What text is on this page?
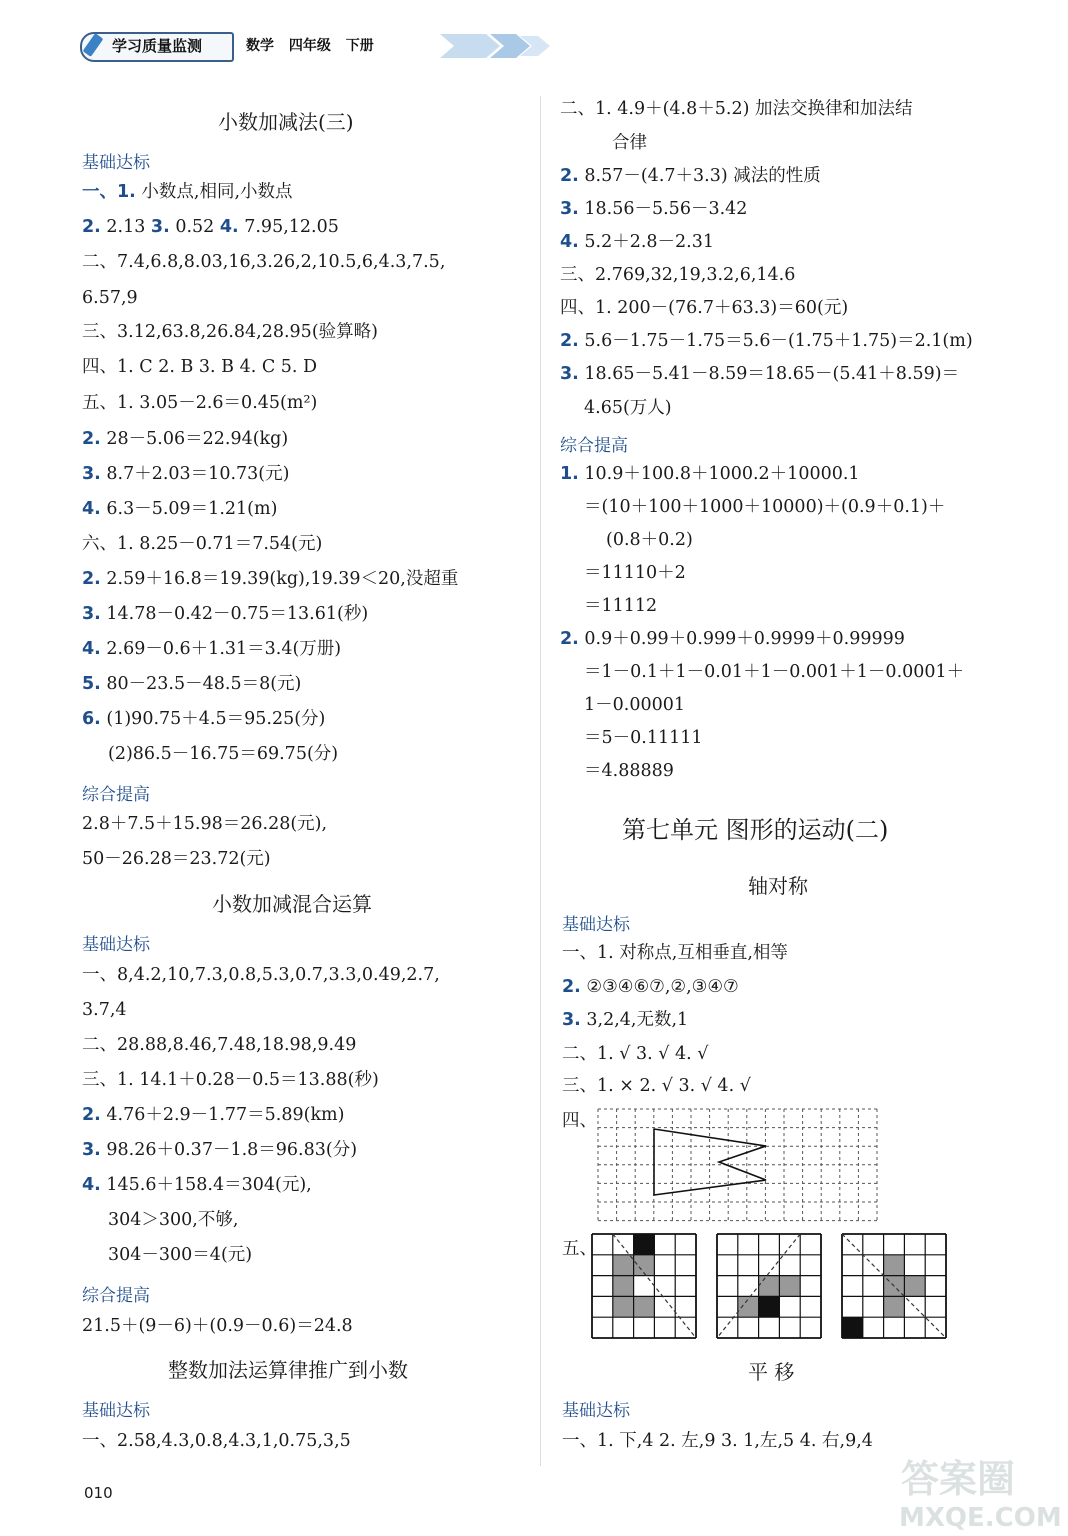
学习质量监测	数学 四年级 下册
小数加减法(三)
基础达标
一、1. 小数点,相同,小数点
2. 2.13 3. 0.52 4. 7.95,12.05
二、7.4,6.8,8.03,16,3.26,2,10.5,6,4.3,7.5,
6.57,9
三、3.12,63.8,26.84,28.95(验算略)
四、1. C 2. B 3. B 4. C 5. D
五、1. 3.05－2.6＝0.45(m²)
2. 28－5.06＝22.94(kg)
3. 8.7＋2.03＝10.73(元)
4. 6.3－5.09＝1.21(m)
六、1. 8.25－0.71＝7.54(元)
2. 2.59＋16.8＝19.39(kg),19.39＜20,没超重
3. 14.78－0.42－0.75＝13.61(秒)
4. 2.69－0.6＋1.31＝3.4(万册)
5. 80－23.5－48.5＝8(元)
6. (1)90.75＋4.5＝95.25(分)
(2)86.5－16.75＝69.75(分)
综合提高
2.8＋7.5＋15.98＝26.28(元),
50－26.28＝23.72(元)
小数加减混合运算
基础达标
一、8,4.2,10,7.3,0.8,5.3,0.7,3.3,0.49,2.7,
3.7,4
二、28.88,8.46,7.48,18.98,9.49
三、1. 14.1＋0.28－0.5＝13.88(秒)
2. 4.76＋2.9－1.77＝5.89(km)
3. 98.26＋0.37－1.8＝96.83(分)
4. 145.6＋158.4＝304(元),
304＞300,不够,
304－300＝4(元)
综合提高
21.5＋(9－6)＋(0.9－0.6)＝24.8
整数加法运算律推广到小数
基础达标
一、2.58,4.3,0.8,4.3,1,0.75,3,5
二、1. 4.9＋(4.8＋5.2) 加法交换律和加法结
合律
2. 8.57－(4.7＋3.3) 减法的性质
3. 18.56－5.56－3.42
4. 5.2＋2.8－2.31
三、2.769,32,19,3.2,6,14.6
四、1. 200－(76.7＋63.3)＝60(元)
2. 5.6－1.75－1.75＝5.6－(1.75＋1.75)＝2.1(m)
3. 18.65－5.41－8.59＝18.65－(5.41＋8.59)＝
4.65(万人)
综合提高
1. 10.9＋100.8＋1000.2＋10000.1
＝(10＋100＋1000＋10000)＋(0.9＋0.1)＋
(0.8＋0.2)
＝11110＋2
＝11112
2. 0.9＋0.99＋0.999＋0.9999＋0.99999
＝1－0.1＋1－0.01＋1－0.001＋1－0.0001＋
1－0.00001
＝5－0.11111
＝4.88889
第七单元 图形的运动(二)
轴对称
基础达标
一、1. 对称点,互相垂直,相等
2. ②③④⑥⑦,②,③④⑦
3. 3,2,4,无数,1
二、1. √ 3. √ 4. √
三、1. × 2. √ 3. √ 4. √
四、
五、
平 移
基础达标
一、1. 下,4 2. 左,9 3. 1,左,5 4. 右,9,4
010	答案圈
MXQE.COM
